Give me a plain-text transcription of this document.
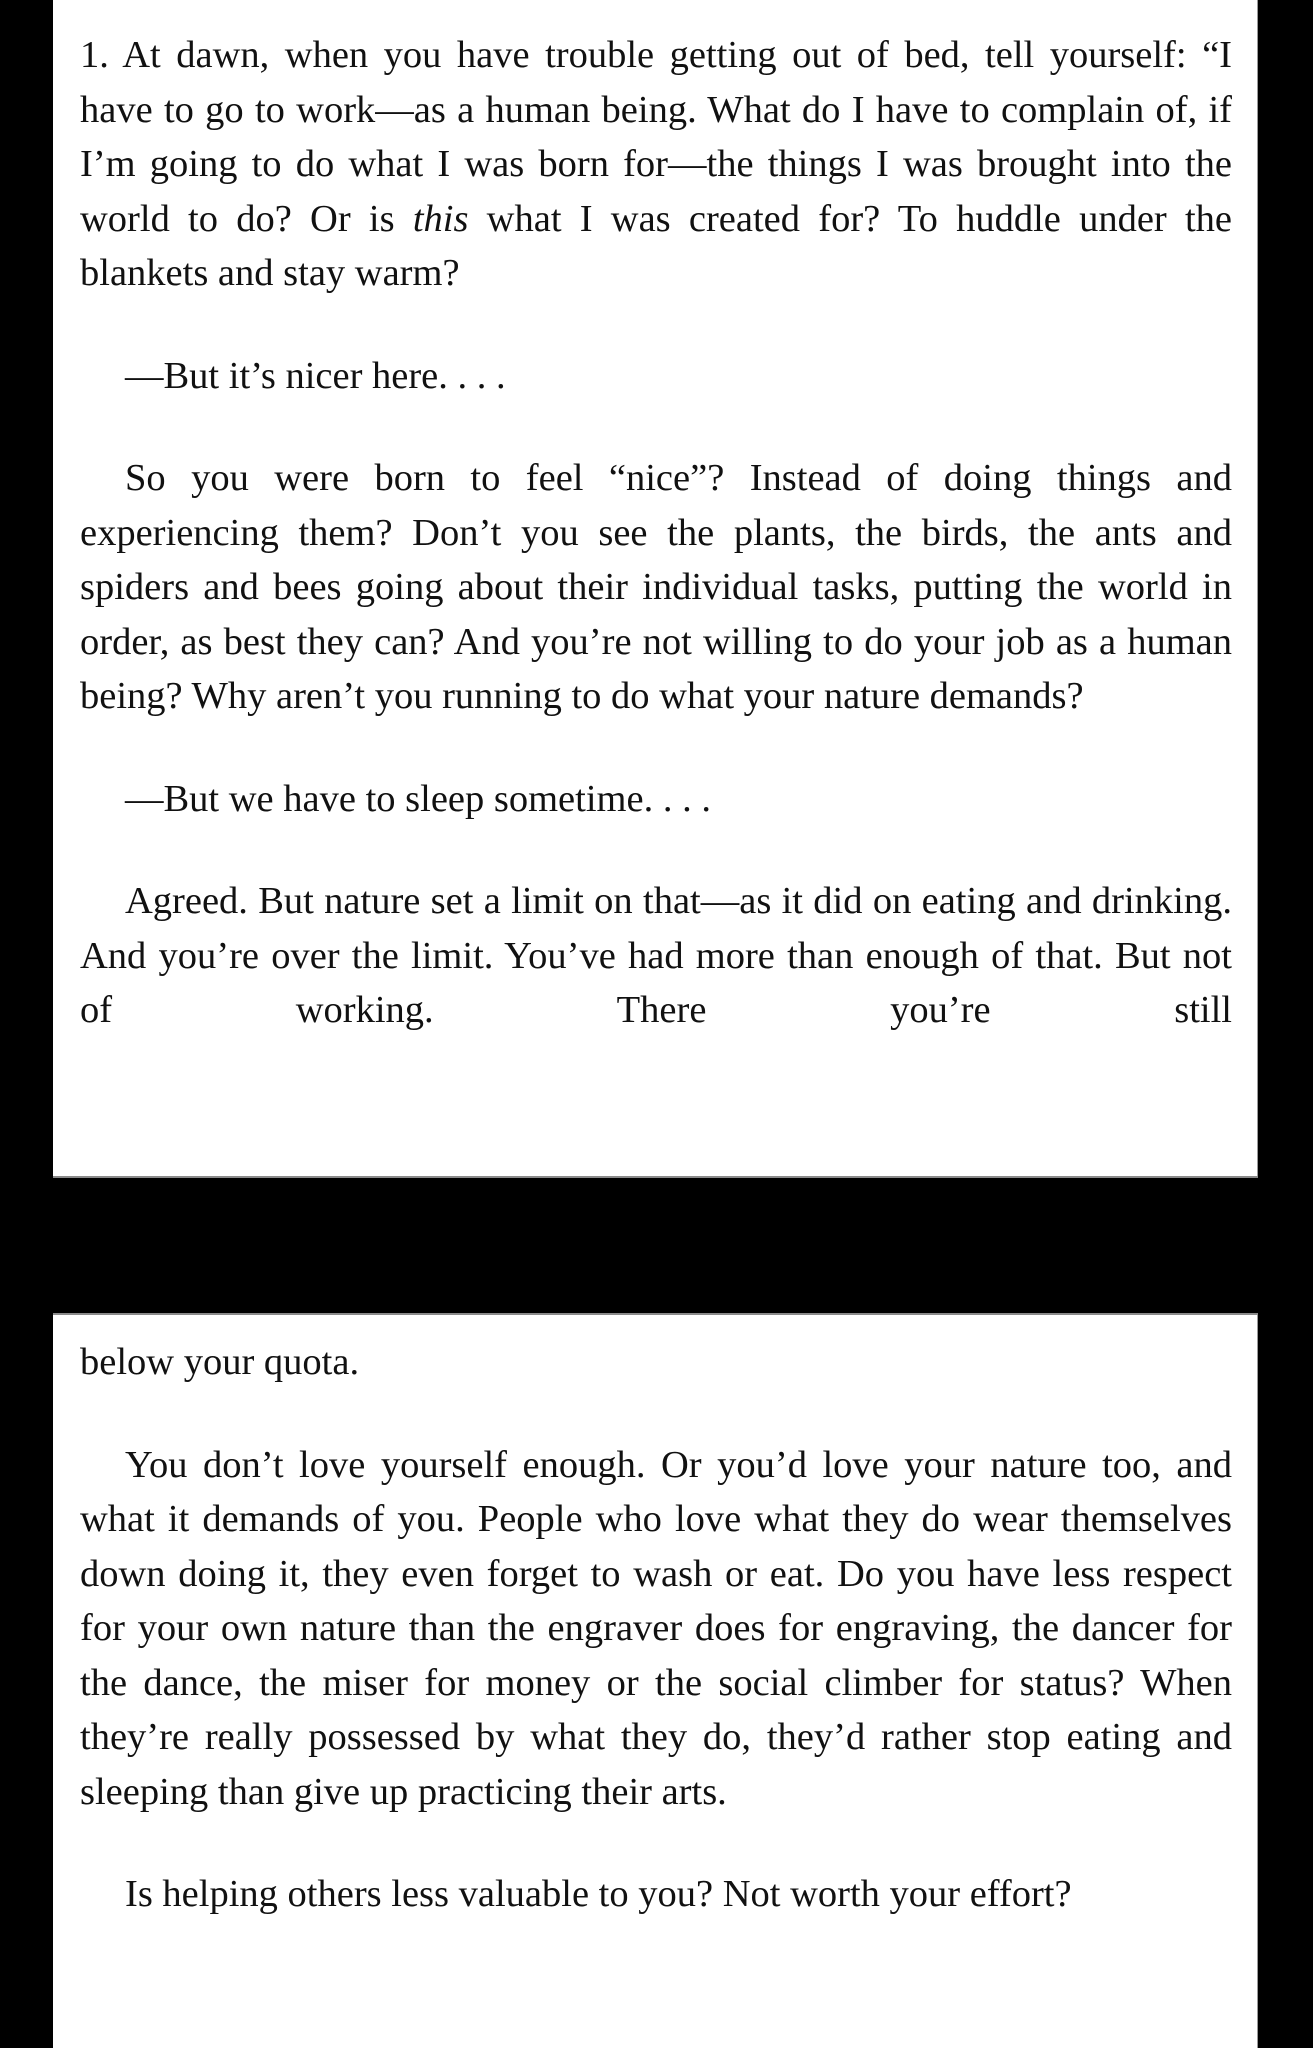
1. At dawn, when you have trouble getting out of bed, tell yourself: “I have to go to work—as a human being. What do I have to complain of, if I’m going to do what I was born for—the things I was brought into the world to do? Or is this what I was created for? To huddle under the blankets and stay warm?

—But it’s nicer here. . . .

So you were born to feel “nice”? Instead of doing things and experiencing them? Don’t you see the plants, the birds, the ants and spiders and bees going about their individual tasks, putting the world in order, as best they can? And you’re not willing to do your job as a human being? Why aren’t you running to do what your nature demands?

—But we have to sleep sometime. . . .

Agreed. But nature set a limit on that—as it did on eating and drinking. And you’re over the limit. You’ve had more than enough of that. But not of working. There you’re still

below your quota.

You don’t love yourself enough. Or you’d love your nature too, and what it demands of you. People who love what they do wear themselves down doing it, they even forget to wash or eat. Do you have less respect for your own nature than the engraver does for engraving, the dancer for the dance, the miser for money or the social climber for status? When they’re really possessed by what they do, they’d rather stop eating and sleeping than give up practicing their arts.

Is helping others less valuable to you? Not worth your effort?
